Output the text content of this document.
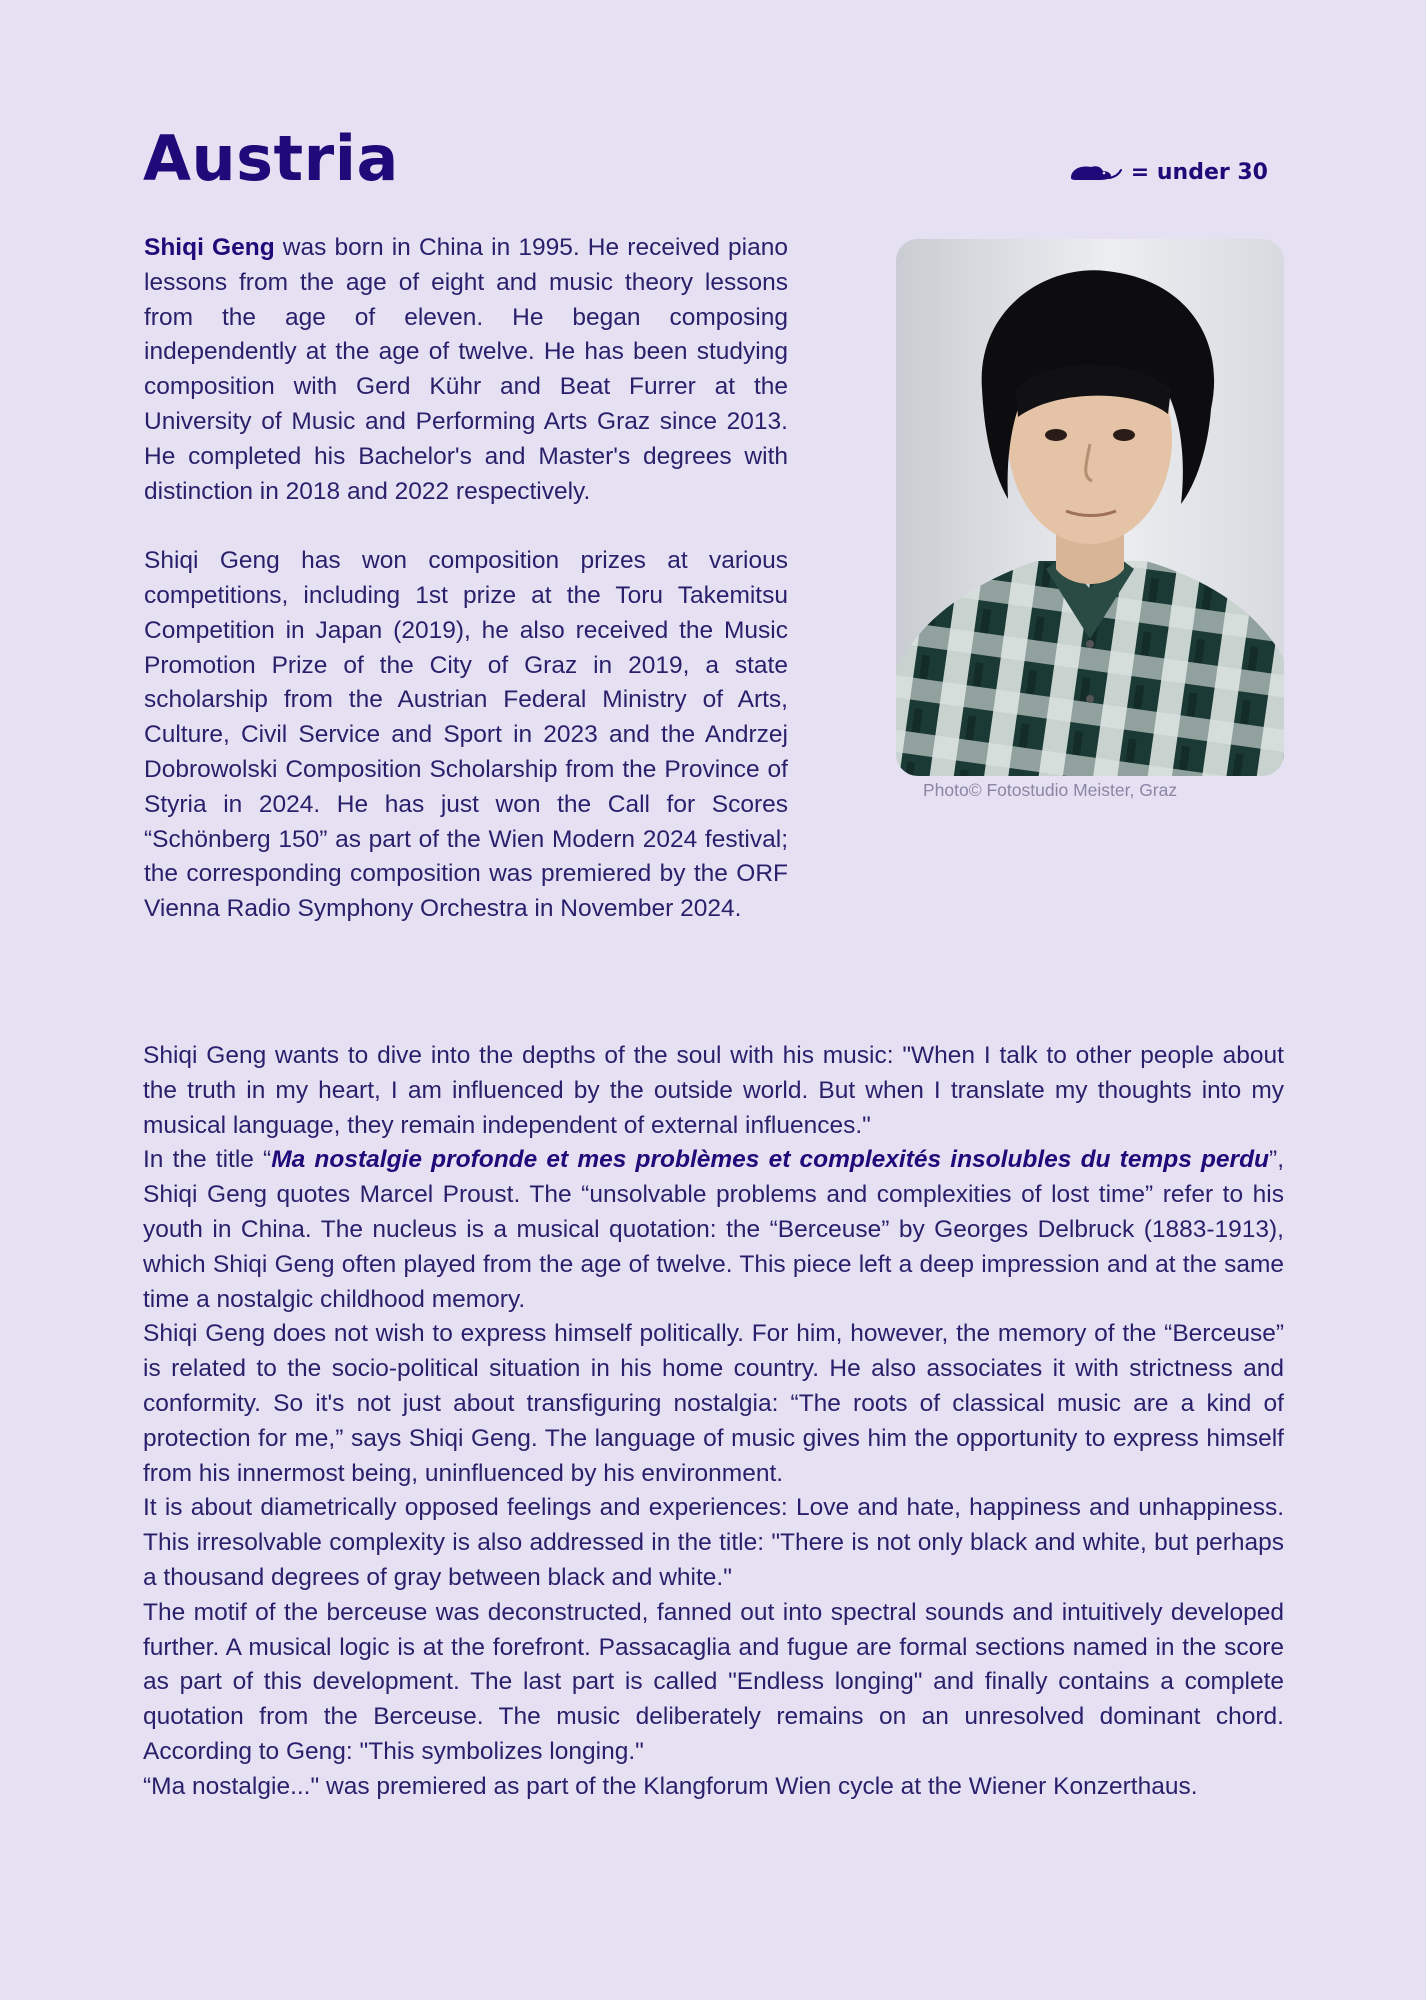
Austria	= under 30

Shiqi Geng was born in China in 1995. He received piano lessons from the age of eight and music theory lessons from the age of eleven. He began composing independently at the age of twelve. He has been studying composition with Gerd Kühr and Beat Furrer at the University of Music and Performing Arts Graz since 2013. He completed his Bachelor's and Master's degrees with distinction in 2018 and 2022 respectively.

Shiqi Geng has won composition prizes at various competitions, including 1st prize at the Toru Takemitsu Competition in Japan (2019), he also received the Music Promotion Prize of the City of Graz in 2019, a state scholarship from the Austrian Federal Ministry of Arts, Culture, Civil Service and Sport in 2023 and the Andrzej Dobrowolski Composition Scholarship from the Province of Styria in 2024. He has just won the Call for Scores “Schönberg 150” as part of the Wien Modern 2024 festival; the corresponding composition was premiered by the ORF Vienna Radio Symphony Orchestra in November 2024.

Photo© Fotostudio Meister, Graz

Shiqi Geng wants to dive into the depths of the soul with his music: "When I talk to other people about the truth in my heart, I am influenced by the outside world. But when I translate my thoughts into my musical language, they remain independent of external influences."

In the title “Ma nostalgie profonde et mes problèmes et complexités insolubles du temps perdu”, Shiqi Geng quotes Marcel Proust. The “unsolvable problems and complexities of lost time” refer to his youth in China. The nucleus is a musical quotation: the “Berceuse” by Georges Delbruck (1883-1913), which Shiqi Geng often played from the age of twelve. This piece left a deep impression and at the same time a nostalgic childhood memory.

Shiqi Geng does not wish to express himself politically. For him, however, the memory of the “Berceuse” is related to the socio-political situation in his home country. He also associates it with strictness and conformity. So it's not just about transfiguring nostalgia: “The roots of classical music are a kind of protection for me,” says Shiqi Geng. The language of music gives him the opportunity to express himself from his innermost being, uninfluenced by his environment.

It is about diametrically opposed feelings and experiences: Love and hate, happiness and unhappiness. This irresolvable complexity is also addressed in the title: "There is not only black and white, but perhaps a thousand degrees of gray between black and white."

The motif of the berceuse was deconstructed, fanned out into spectral sounds and intuitively developed further. A musical logic is at the forefront. Passacaglia and fugue are formal sections named in the score as part of this development. The last part is called "Endless longing" and finally contains a complete quotation from the Berceuse. The music deliberately remains on an unresolved dominant chord. According to Geng: "This symbolizes longing."

“Ma nostalgie..." was premiered as part of the Klangforum Wien cycle at the Wiener Konzerthaus.
